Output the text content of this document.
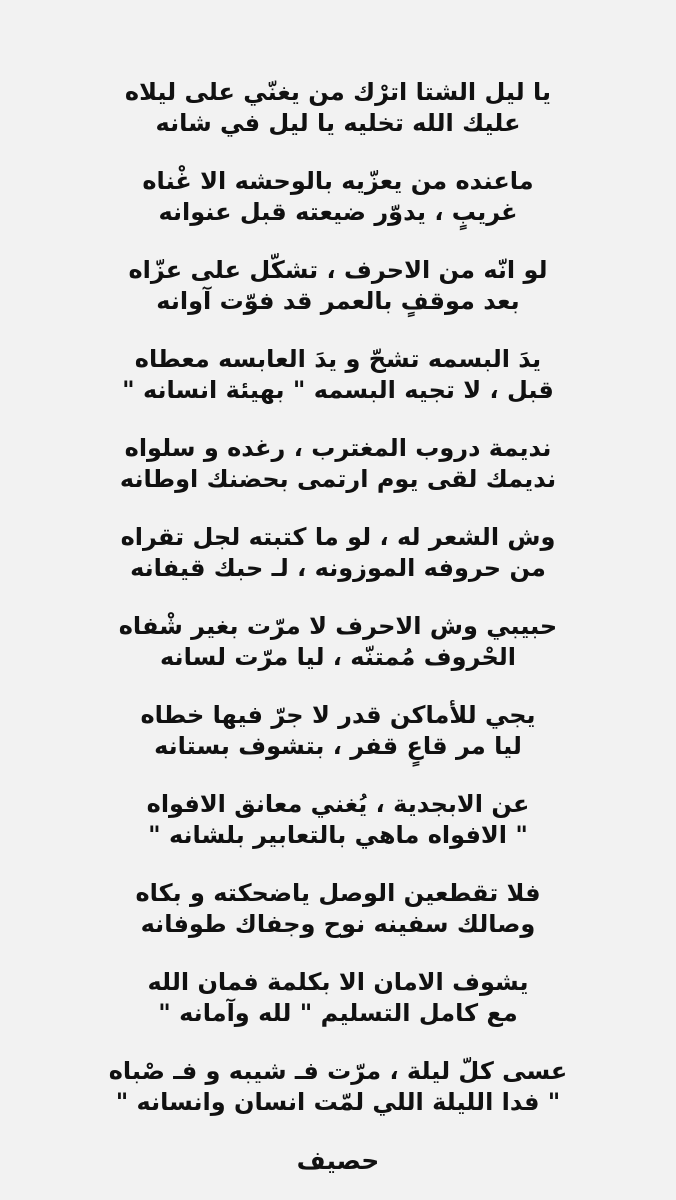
يا ليل الشتا اترْك من يغنّي على ليلاه
عليك الله تخليه يا ليل في شانه
ماعنده من يعزّيه بالوحشه الا غْناه
غريبٍ ، يدوّر ضيعته قبل عنوانه
لو انّه من الاحرف ، تشكّل على عزّاه
بعد موقفٍ بالعمر قد فوّت آوانه
يدَ البسمه تشحّ و يدَ العابسه معطاه
قبل ، لا تجيه البسمه " بهيئة انسانه "
نديمة دروب المغترب ، رغده و سلواه
نديمك لقى يوم ارتمى بحضنك اوطانه
وش الشعر له ، لو ما كتبته لجل تقراه
من حروفه الموزونه ، لـ حبك قيفانه
حبيبي وش الاحرف لا مرّت بغير شْفاه
الحْروف مُمتنّه ، ليا مرّت لسانه
يجي للأماكن قدر لا جرّ فيها خطاه
ليا مر قاعٍ قفر ، بتشوف بستانه
عن الابجدية ، يُغني معانق الافواه
" الافواه ماهي بالتعابير بلشانه "
فلا تقطعين الوصل ياضحكته و بكاه
وصالك سفينه نوح وجفاك طوفانه
يشوف الامان الا بكلمة فمان الله
مع كامل التسليم " لله وآمانه "
عسى كلّ ليلة ، مرّت فـ شيبه و فـ صْباه
" فدا الليلة اللي لمّت انسان وانسانه "
حصيف
